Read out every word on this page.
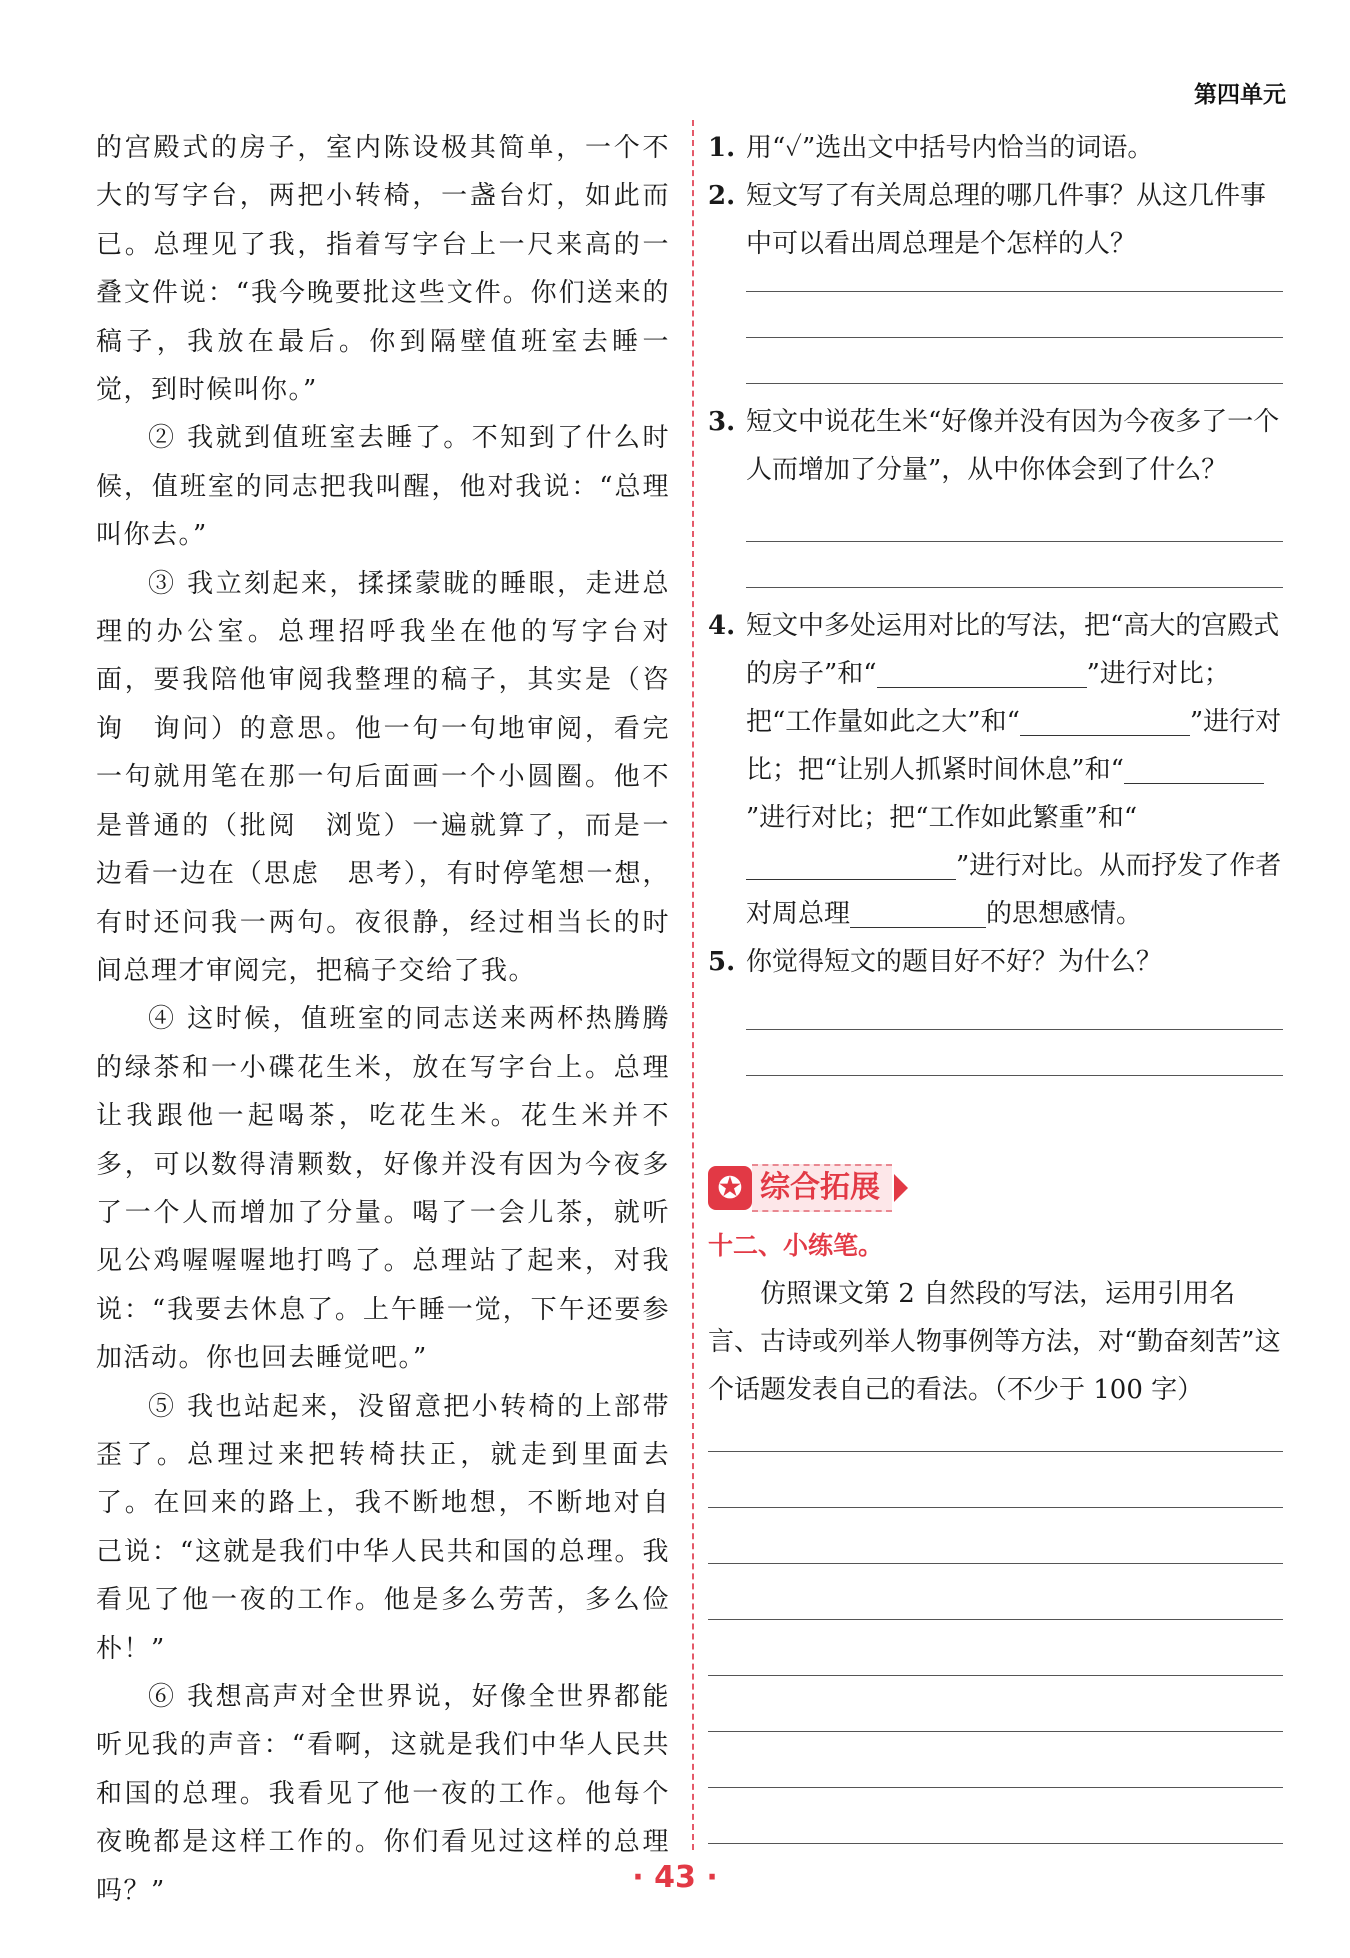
第四单元

的宫殿式的房子，室内陈设极其简单，一个不大的写字台，两把小转椅，一盏台灯，如此而已。总理见了我，指着写字台上一尺来高的一叠文件说：“我今晚要批这些文件。你们送来的稿子，我放在最后。你到隔壁值班室去睡一觉，到时候叫你。”

② 我就到值班室去睡了。不知到了什么时候，值班室的同志把我叫醒，他对我说：“总理叫你去。”

③ 我立刻起来，揉揉蒙眬的睡眼，走进总理的办公室。总理招呼我坐在他的写字台对面，要我陪他审阅我整理的稿子，其实是（咨询　询问）的意思。他一句一句地审阅，看完一句就用笔在那一句后面画一个小圆圈。他不是普通的（批阅　浏览）一遍就算了，而是一边看一边在（思虑　思考），有时停笔想一想，有时还问我一两句。夜很静，经过相当长的时间总理才审阅完，把稿子交给了我。

④ 这时候，值班室的同志送来两杯热腾腾的绿茶和一小碟花生米，放在写字台上。总理让我跟他一起喝茶，吃花生米。花生米并不多，可以数得清颗数，好像并没有因为今夜多了一个人而增加了分量。喝了一会儿茶，就听见公鸡喔喔喔地打鸣了。总理站了起来，对我说：“我要去休息了。上午睡一觉，下午还要参加活动。你也回去睡觉吧。”

⑤ 我也站起来，没留意把小转椅的上部带歪了。总理过来把转椅扶正，就走到里面去了。在回来的路上，我不断地想，不断地对自己说：“这就是我们中华人民共和国的总理。我看见了他一夜的工作。他是多么劳苦，多么俭朴！”

⑥ 我想高声对全世界说，好像全世界都能听见我的声音：“看啊，这就是我们中华人民共和国的总理。我看见了他一夜的工作。他每个夜晚都是这样工作的。你们看见过这样的总理吗？”

1. 用“✓”选出文中括号内恰当的词语。
2. 短文写了有关周总理的哪几件事？从这几件事中可以看出周总理是个怎样的人？
3. 短文中说花生米“好像并没有因为今夜多了一个人而增加了分量”，从中你体会到了什么？
4. 短文中多处运用对比的写法，把“高大的宫殿式的房子”和“	”进行对比；把“工作量如此之大”和“	”进行对比；把“让别人抓紧时间休息”和“”进行对比；把“工作如此繁重”和“”进行对比。从而抒发了作者对周总理	的思想感情。
5. 你觉得短文的题目好不好？为什么？
✪ 综合拓展
十二、小练笔。

仿照课文第 2 自然段的写法，运用引用名言、古诗或列举人物事例等方法，对“勤奋刻苦”这个话题发表自己的看法。（不少于 100 字）

· 43 ·
